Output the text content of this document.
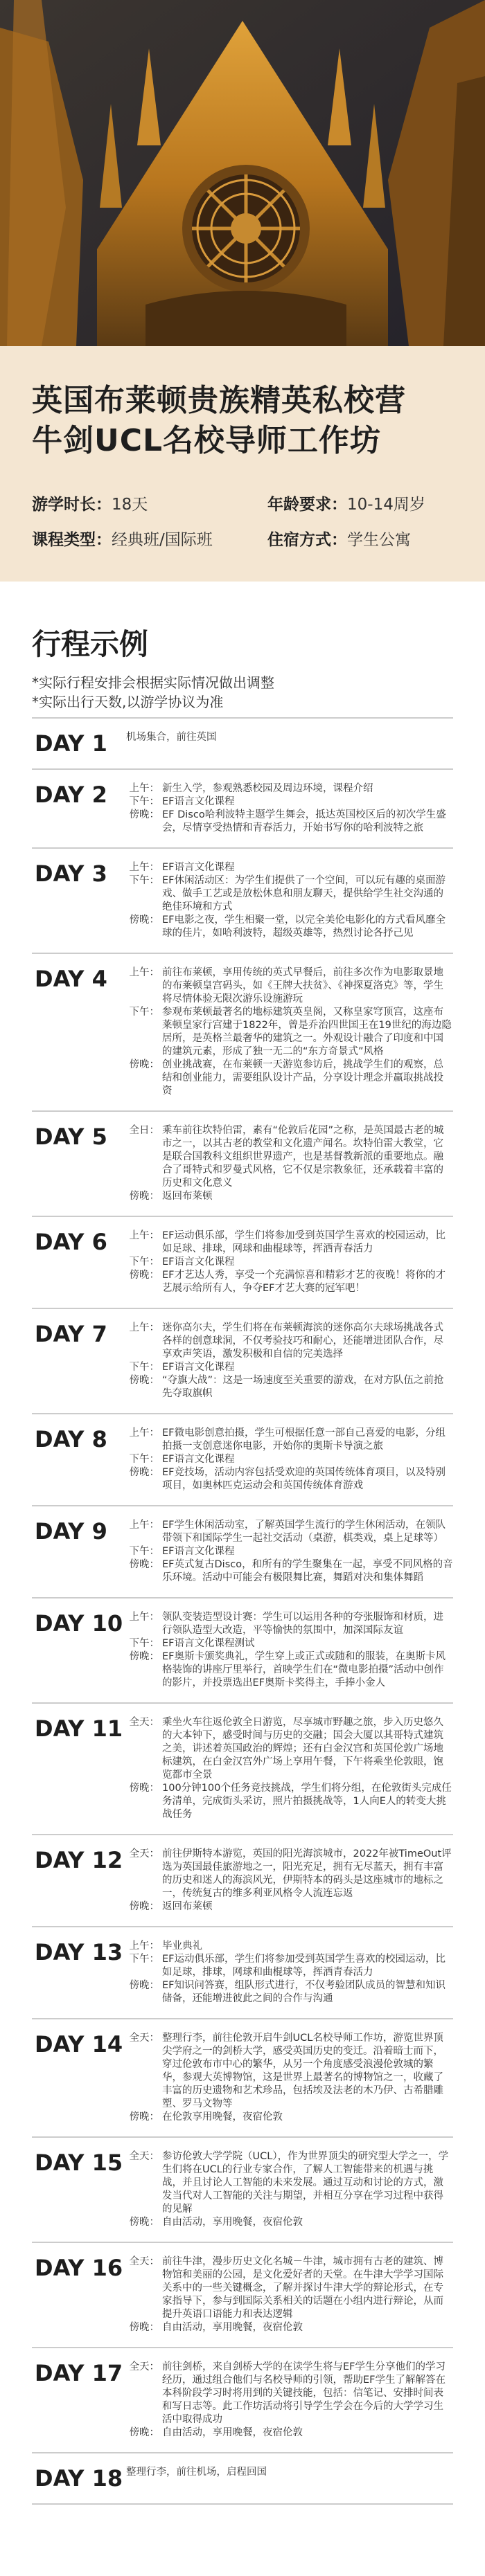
英国布莱顿贵族精英私校营
牛剑UCL名校导师工作坊
游学时长：18天	年龄要求：10-14周岁
课程类型：经典班/国际班	住宿方式：学生公寓
行程示例
*实际行程安排会根据实际情况做出调整
*实际出行天数,以游学协议为准
DAY 1	机场集合，前往英国
DAY 2	上午： 新生入学，参观熟悉校园及周边环境，课程介绍
下午： EF语言文化课程
傍晚： EF Disco哈利波特主题学生舞会，抵达英国校区后的初次学生盛会，尽情享受热情和青春活力，开始书写你的哈利波特之旅
DAY 3	上午： EF语言文化课程
下午： EF休闲活动区：为学生们提供了一个空间，可以玩有趣的桌面游戏、做手工艺或是放松休息和朋友聊天，提供给学生社交沟通的绝佳环境和方式
傍晚： EF电影之夜，学生相聚一堂，以完全美伦电影化的方式看风靡全球的佳片，如哈利波特，超级英雄等，热烈讨论各抒己见
DAY 4	上午： 前往布莱顿，享用传统的英式早餐后，前往多次作为电影取景地的布莱顿皇宫码头，如《王牌大扶贫》、《神探夏洛克》等，学生将尽情体验无限次游乐设施游玩
下午： 参观布莱顿最著名的地标建筑英皇阁，又称皇家穹顶宫，这座布莱顿皇家行宫建于1822年，曾是乔治四世国王在19世纪的海边隐居所，是英格兰最奢华的建筑之一。外观设计融合了印度和中国的建筑元素，形成了独一无二的“东方奇景式”风格
傍晚： 创业挑战赛，在布莱顿一天游览参访后，挑战学生们的观察，总结和创业能力，需要组队设计产品，分享设计理念并赢取挑战投资
DAY 5	全日： 乘车前往坎特伯雷，素有“伦敦后花园”之称，是英国最古老的城市之一，以其古老的教堂和文化遗产闻名。坎特伯雷大教堂，它是联合国教科文组织世界遗产，也是基督教新派的重要地点。融合了哥特式和罗曼式风格，它不仅是宗教象征，还承载着丰富的历史和文化意义
傍晚： 返回布莱顿
DAY 6	上午： EF运动俱乐部，学生们将参加受到英国学生喜欢的校园运动，比如足球、排球，网球和曲棍球等，挥洒青春活力
下午： EF语言文化课程
傍晚： EF才艺达人秀，享受一个充满惊喜和精彩才艺的夜晚！将你的才艺展示给所有人，争夺EF才艺大赛的冠军吧！
DAY 7	上午： 迷你高尔夫，学生们将在布莱顿海滨的迷你高尔夫球场挑战各式各样的创意球洞，不仅考验技巧和耐心，还能增进团队合作，尽享欢声笑语，激发积极和自信的完美选择
下午： EF语言文化课程
傍晚： “夺旗大战”：这是一场速度至关重要的游戏，在对方队伍之前抢先夺取旗帜
DAY 8	上午： EF微电影创意拍摄，学生可根据任意一部自己喜爱的电影，分组拍摄一支创意迷你电影，开始你的奥斯卡导演之旅
下午： EF语言文化课程
傍晚： EF竞技场，活动内容包括受欢迎的英国传统体育项目，以及特别项目，如奥林匹克运动会和英国传统体育游戏
DAY 9	上午： EF学生休闲活动室，了解英国学生流行的学生休闲活动，在领队带领下和国际学生一起社交活动（桌游，棋类戏，桌上足球等）
下午： EF语言文化课程
傍晚： EF英式复古Disco，和所有的学生聚集在一起，享受不同风格的音乐环境。活动中可能会有极限舞比赛，舞蹈对决和集体舞蹈
DAY 10 上午： 领队变装造型设计赛：学生可以运用各种的夸张服饰和材质，进行领队造型大改造，平等愉快的氛围中，加深国际友谊
下午： EF语言文化课程测试
傍晚： EF奥斯卡颁奖典礼，学生穿上或正式或随和的服装，在奥斯卡风格装饰的讲座厅里举行，首映学生们在“微电影拍摄”活动中创作的影片，并投票选出EF奥斯卡奖得主，手捧小金人
DAY 11 全天： 乘坐火车往返伦敦全日游览，尽享城市野趣之旅，步入历史悠久的大本钟下，感受时间与历史的交融；国会大厦以其哥特式建筑之美，讲述着英国政治的辉煌；还有白金汉宫和英国伦敦广场地标建筑，在白金汉宫外广场上享用午餐，下午将乘坐伦敦眼，饱览都市全景
傍晚： 100分钟100个任务竞技挑战，学生们将分组，在伦敦街头完成任务清单，完成街头采访，照片拍摄挑战等，1人向E人的转变大挑战任务
DAY 12 全天： 前往伊斯特本游览，英国的阳光海滨城市，2022年被TimeOut评选为英国最佳旅游地之一，阳光充足，拥有无尽蓝天，拥有丰富的历史和迷人的海滨风光，伊斯特本的码头是这座城市的地标之一，传统复古的维多利亚风格令人流连忘返
傍晚： 返回布莱顿
DAY 13 上午： 毕业典礼
下午： EF运动俱乐部，学生们将参加受到英国学生喜欢的校园运动，比如足球，排球，网球和曲棍球等，挥洒青春活力
傍晚： EF知识问答赛，组队形式进行，不仅考验团队成员的智慧和知识储备，还能增进彼此之间的合作与沟通
DAY 14 全天： 整理行李，前往伦敦开启牛剑UCL名校导师工作坊，游览世界顶尖学府之一的剑桥大学，感受英国历史的变迁。沿着暗士而下，穿过伦敦布市中心的繁华，从另一个角度感受浪漫伦敦城的繁华，参观大英博物馆，这是世界上最著名的博物馆之一，收藏了丰富的历史遗物和艺术珍品，包括埃及法老的木乃伊、古希腊雕塑、罗马文物等
傍晚： 在伦敦享用晚餐，夜宿伦敦
DAY 15 全天： 参访伦敦大学学院（UCL），作为世界顶尖的研究型大学之一，学生们将在UCL的行业专家合作，了解人工智能带来的机遇与挑战，并且讨论人工智能的未来发展。通过互动和讨论的方式，激发当代对人工智能的关注与期望，并相互分享在学习过程中获得的见解
傍晚： 自由活动，享用晚餐，夜宿伦敦
DAY 16 全天： 前往牛津，漫步历史文化名城－牛津，城市拥有古老的建筑、博物馆和美丽的公园，是文化爱好者的天堂。在牛津大学学习国际关系中的一些关键概念，了解并探讨牛津大学的辩论形式，在专家指导下，参与到国际关系相关的话题在小组内进行辩论，从而提升英语口语能力和表达逻辑
傍晚： 自由活动，享用晚餐，夜宿伦敦
DAY 17 全天： 前往剑桥，来自剑桥大学的在读学生将与EF学生分享他们的学习经历，通过组合他们与名校导师的引领，帮助EF学生了解解答在本科阶段学习时将用到的关键技能，包括：信笔记、安排时间表和写日志等。此工作坊活动将引导学生学会在今后的大学学习生活中取得成功
傍晚： 自由活动，享用晚餐，夜宿伦敦
DAY 18 整理行李，前往机场，启程回国
